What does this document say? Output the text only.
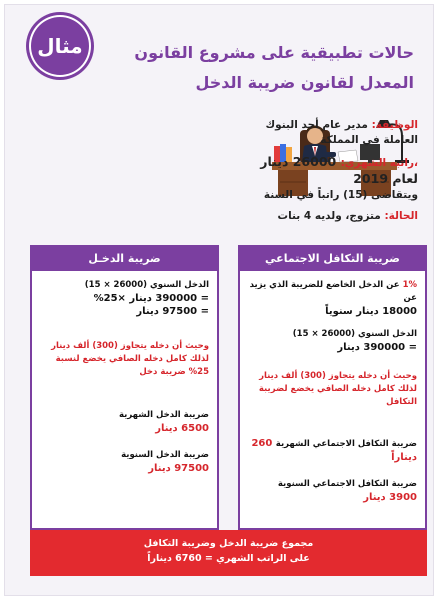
مثال	حالات تطبيقية على مشروع القانون
المعدل لقانون ضريبة الدخل

الوظيفة: مدير عام أحد البنوك العاملة في المملكة

،راتبه الشهري: 26000 دينار لعام 2019
ويتقاضى (15) راتباً في السنة

الحالة: متزوج، ولديه 4 بنات

ضريبة الدخـل
الدخل السنوي (26000 × 15)
= 390000 دينار ×25%
= 97500 دينار
وحيث أن دخله يتجاوز (300) ألف دينار لذلك كامل دخله الصافي يخضع لنسبة 25% ضريبة دخل
ضريبة الدخل الشهرية
6500 دينار
ضريبة الدخل السنوية
97500 دينار
ضريبة التكافل الاجتماعي
1% عن الدخل الخاضع للضريبة الذي يزيد عن
18000 دينار سنوياً
الدخل السنوي (26000 × 15)
= 390000 دينار
وحيث أن دخله يتجاوز (300) ألف دينار لذلك كامل دخله الصافي يخضع لضريبة التكافل
ضريبة التكافل الاجتماعي الشهرية 260 ديناراً
ضريبة التكافل الاجتماعي السنوية 3900 دينار
مجموع ضريبة الدخل وضريبة التكافل
على الراتب الشهري = 6760 ديناراً
